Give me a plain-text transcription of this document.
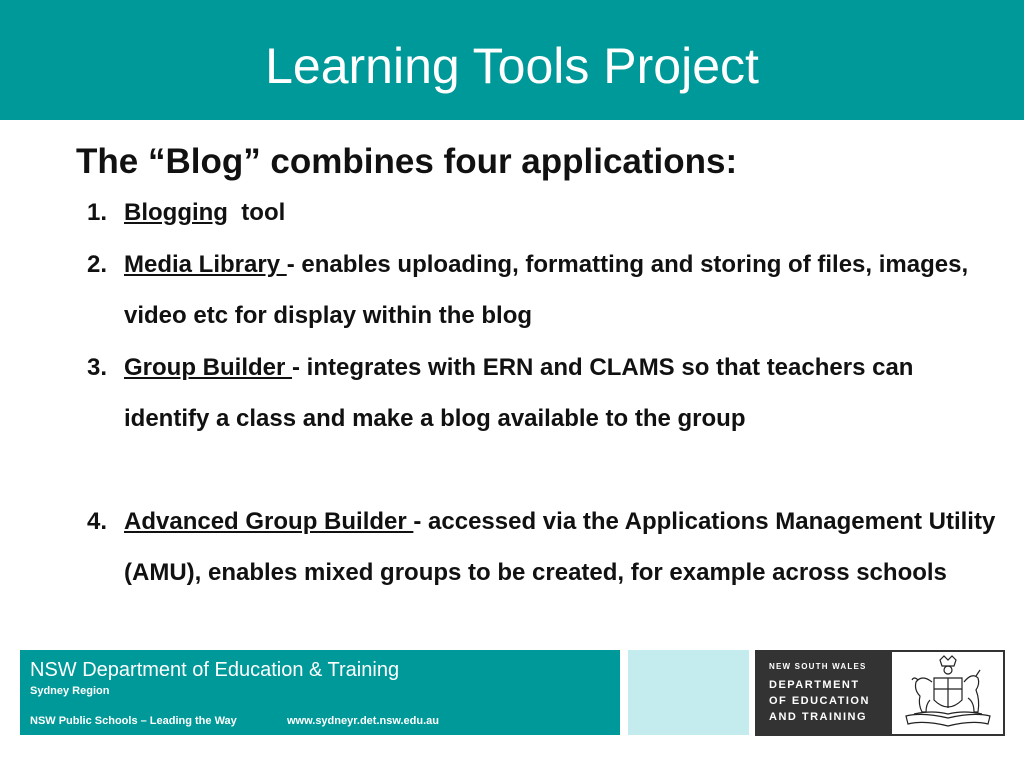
Learning Tools Project
The “Blog” combines four applications:
1. Blogging  tool
2. Media Library - enables uploading, formatting and storing of files, images, video etc for display within the blog
3. Group Builder - integrates with ERN and CLAMS so that teachers can identify a class and make a blog available to the group
4. Advanced Group Builder - accessed via the Applications Management Utility (AMU), enables mixed groups to be created, for example across schools
NSW Department of Education & Training
Sydney Region
NSW Public Schools – Leading the Way	www.sydneyr.det.nsw.edu.au
NEW SOUTH WALES
DEPARTMENT
OF EDUCATION
AND TRAINING
